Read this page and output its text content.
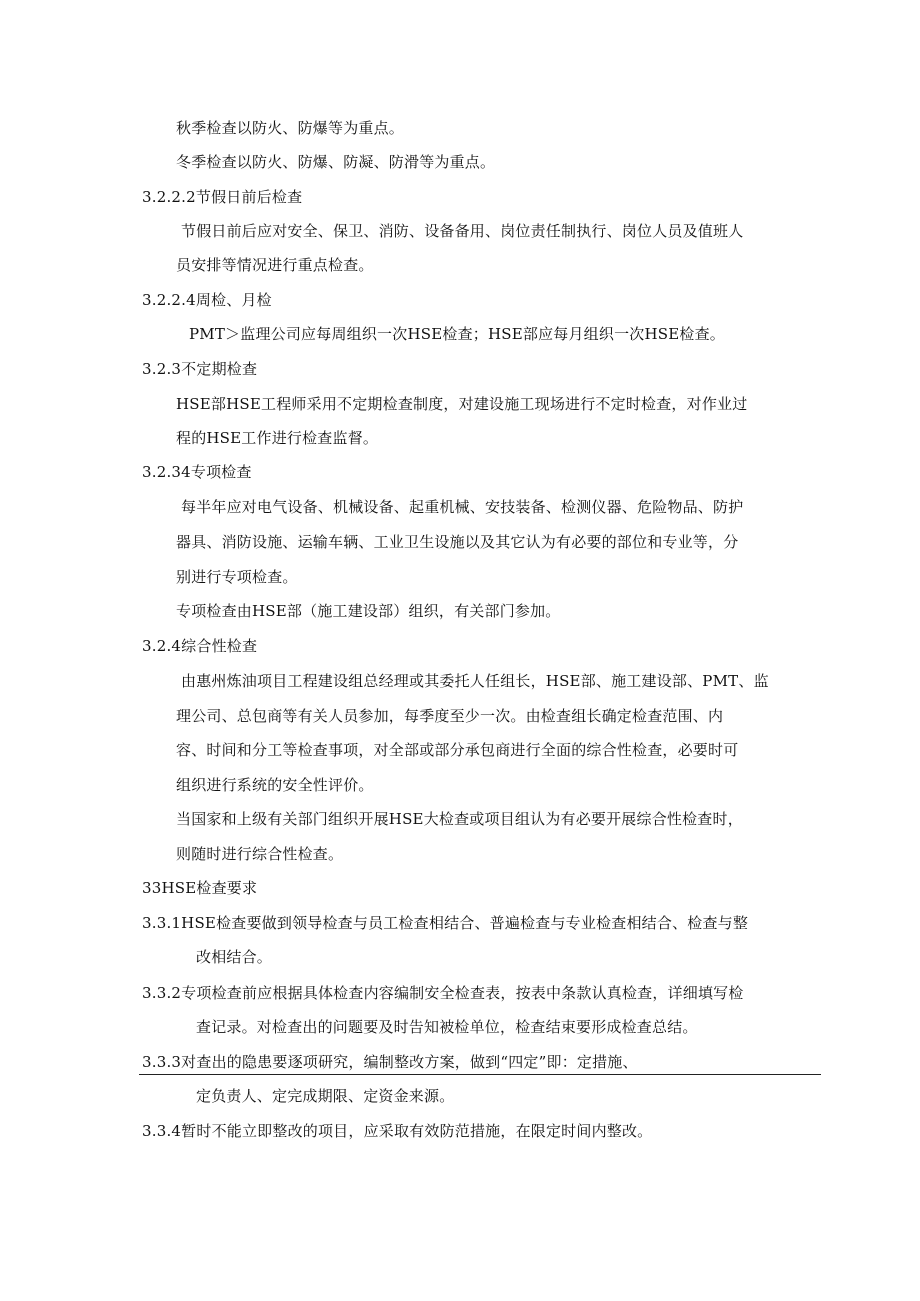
秋季检查以防火、防爆等为重点。
冬季检查以防火、防爆、防凝、防滑等为重点。
3.2.2.2节假日前后检查
节假日前后应对安全、保卫、消防、设备备用、岗位责任制执行、岗位人员及值班人
员安排等情况进行重点检查。
3.2.2.4周检、月检
PMT＞监理公司应每周组织一次HSE检查；HSE部应每月组织一次HSE检查。
3.2.3不定期检查
HSE部HSE工程师采用不定期检查制度，对建设施工现场进行不定时检查，对作业过
程的HSE工作进行检查监督。
3.2.34专项检查
每半年应对电气设备、机械设备、起重机械、安技装备、检测仪器、危险物品、防护
器具、消防设施、运输车辆、工业卫生设施以及其它认为有必要的部位和专业等，分
别进行专项检查。
专项检查由HSE部（施工建设部）组织，有关部门参加。
3.2.4综合性检查
由惠州炼油项目工程建设组总经理或其委托人任组长，HSE部、施工建设部、PMT、监
理公司、总包商等有关人员参加，每季度至少一次。由检查组长确定检查范围、内
容、时间和分工等检查事项，对全部或部分承包商进行全面的综合性检查，必要时可
组织进行系统的安全性评价。
当国家和上级有关部门组织开展HSE大检查或项目组认为有必要开展综合性检查时，
则随时进行综合性检查。
33HSE检查要求
3.3.1HSE检查要做到领导检查与员工检查相结合、普遍检查与专业检查相结合、检查与整
改相结合。
3.3.2专项检查前应根据具体检查内容编制安全检查表，按表中条款认真检查，详细填写检
查记录。对检查出的问题要及时告知被检单位，检查结束要形成检查总结。
3.3.3对查出的隐患要逐项研究，编制整改方案，做到“四定”即：定措施、
定负责人、定完成期限、定资金来源。
3.3.4暂时不能立即整改的项目，应采取有效防范措施，在限定时间内整改。
